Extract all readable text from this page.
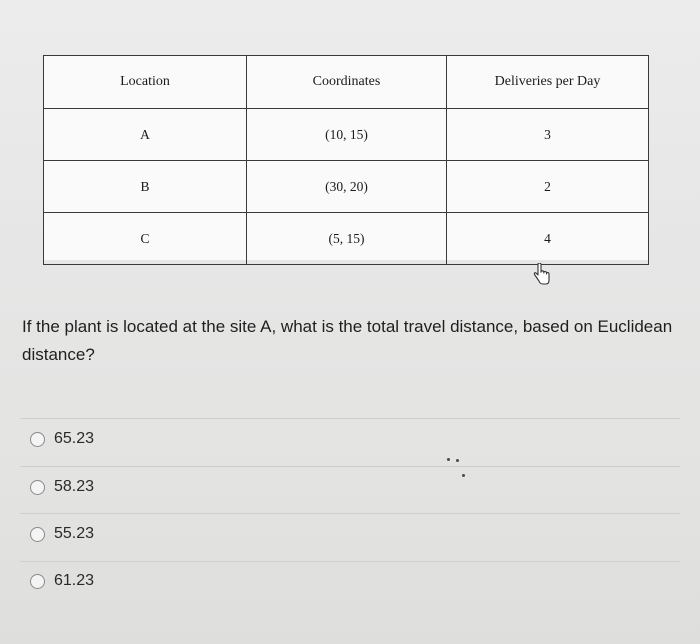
Location	Coordinates	Deliveries per Day
A	(10, 15)	3
B	(30, 20)	2
C	(5, 15)	4
If the plant is located at the site A, what is the total travel distance, based on Euclidean distance?
65.23
58.23
55.23
61.23
